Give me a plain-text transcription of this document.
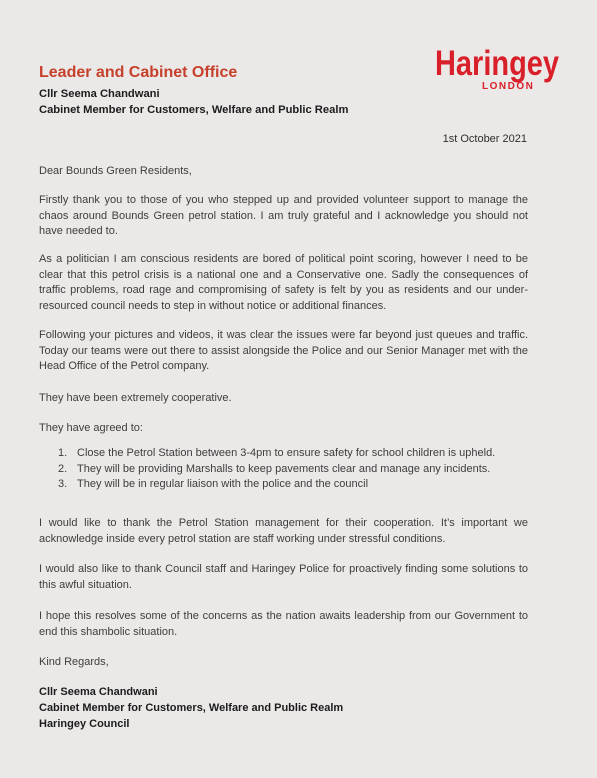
Leader and Cabinet Office
Cllr Seema Chandwani
Cabinet Member for Customers, Welfare and Public Realm
Haringey
LONDON
1st October 2021

Dear Bounds Green Residents,

Firstly thank you to those of you who stepped up and provided volunteer support to manage the chaos around Bounds Green petrol station. I am truly grateful and I acknowledge you should not have needed to.

As a politician I am conscious residents are bored of political point scoring, however I need to be clear that this petrol crisis is a national one and a Conservative one. Sadly the consequences of traffic problems, road rage and compromising of safety is felt by you as residents and our under-resourced council needs to step in without notice or additional finances.

Following your pictures and videos, it was clear the issues were far beyond just queues and traffic. Today our teams were out there to assist alongside the Police and our Senior Manager met with the Head Office of the Petrol company.

They have been extremely cooperative.

They have agreed to:

1. Close the Petrol Station between 3-4pm to ensure safety for school children is upheld.
2. They will be providing Marshalls to keep pavements clear and manage any incidents.
3. They will be in regular liaison with the police and the council

I would like to thank the Petrol Station management for their cooperation. It’s important we acknowledge inside every petrol station are staff working under stressful conditions.

I would also like to thank Council staff and Haringey Police for proactively finding some solutions to this awful situation.

I hope this resolves some of the concerns as the nation awaits leadership from our Government to end this shambolic situation.

Kind Regards,

Cllr Seema Chandwani
Cabinet Member for Customers, Welfare and Public Realm
Haringey Council
